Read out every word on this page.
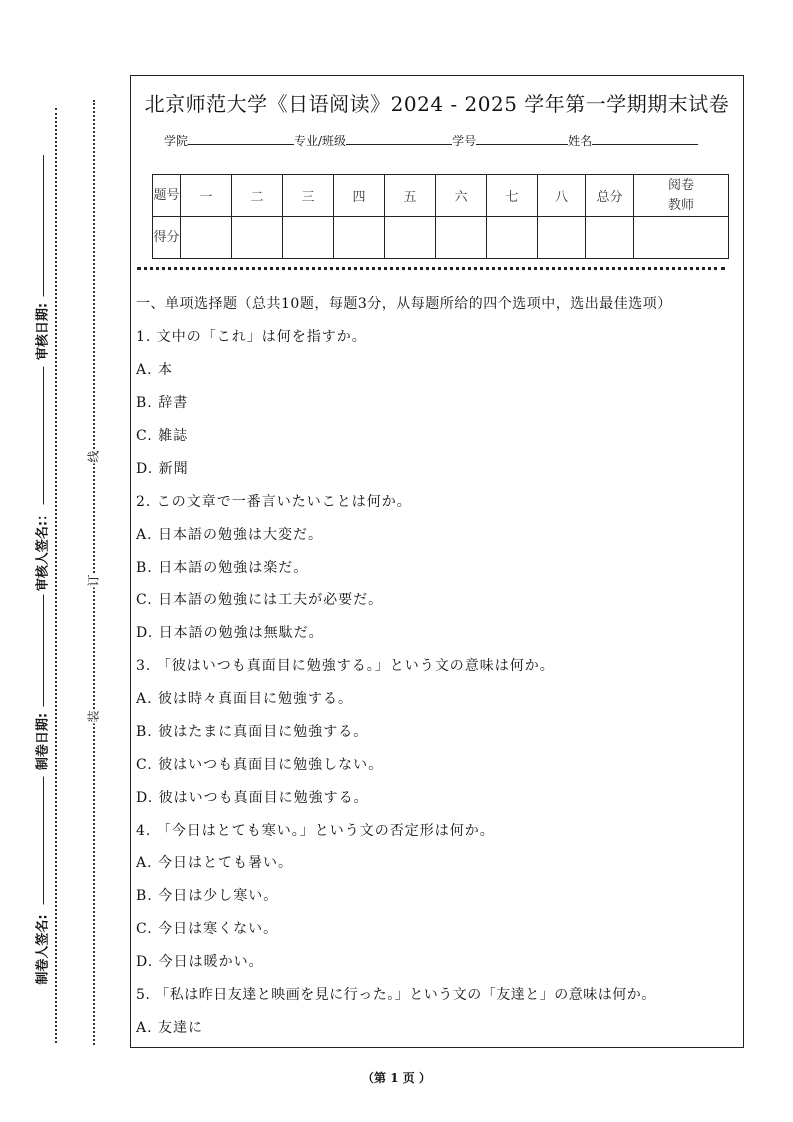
审核日期:
审核人签名:：
制卷日期:
制卷人签名:
线
订
装
北京师范大学《日语阅读》2024 - 2025 学年第一学期期末试卷
学院	专业/班级	学号	姓名
题号	一	二	三	四	五	六	七	八	总分	阅卷教师
得分										
一、单项选择题（总共10题，每题3分，从每题所给的四个选项中，选出最佳选项）
1. 文中の「これ」は何を指すか。
A. 本
B. 辞書
C. 雑誌
D. 新聞
2. この文章で一番言いたいことは何か。
A. 日本語の勉強は大変だ。
B. 日本語の勉強は楽だ。
C. 日本語の勉強には工夫が必要だ。
D. 日本語の勉強は無駄だ。
3. 「彼はいつも真面目に勉強する。」という文の意味は何か。
A. 彼は時々真面目に勉強する。
B. 彼はたまに真面目に勉強する。
C. 彼はいつも真面目に勉強しない。
D. 彼はいつも真面目に勉強する。
4. 「今日はとても寒い。」という文の否定形は何か。
A. 今日はとても暑い。
B. 今日は少し寒い。
C. 今日は寒くない。
D. 今日は暖かい。
5. 「私は昨日友達と映画を見に行った。」という文の「友達と」の意味は何か。
A. 友達に
（第 1 页 ）
